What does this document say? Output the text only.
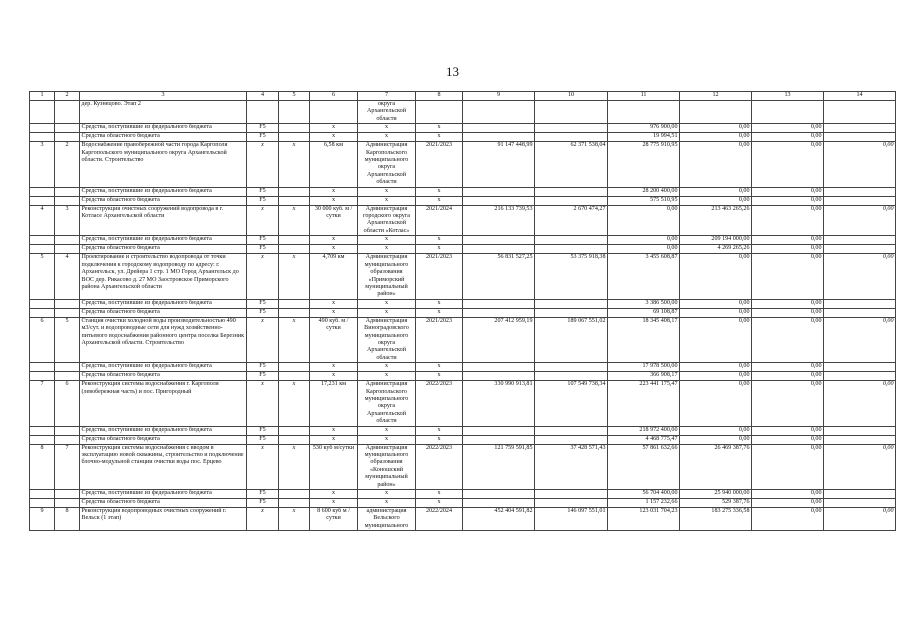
13
1	2	3	4	5	6	7	8	9	10	11	12	13	14
		дер. Кузнецово. Этап 2				округа Архангельской области							
		Средства, поступившие из федерального бюджета	F5		х	х	х			976 900,00	0,00	0,00	
		Средства областного бюджета	F5		х	х	х			19 994,51	0,00	0,00	
3	2	Водоснабжение правобережной части города Каргополя Каргопольского муниципального округа Архангельской области. Строительство	х	х	6,58 км	Администрация Каргопольского муниципального округа Архангельской области	2021/2023	91 147 448,99	62 371 538,04	28 775 910,95	0,00	0,00	0,00
		Средства, поступившие из федерального бюджета	F5		х	х	х			28 200 400,00	0,00	0,00	
		Средства областного бюджета	F5		х	х	х			575 510,95	0,00	0,00	
4	3	Реконструкция очистных сооружений водопровода в г. Котласе Архангельской области	х	х	30 000 куб. м / сутки	Администрация городского округа Архангельской области «Котлас»	2021/2024	216 133 739,53	2 670 474,27	0,00	213 463 265,26	0,00	0,00
		Средства, поступившие из федерального бюджета	F5		х	х	х			0,00	209 194 000,00	0,00	
		Средства областного бюджета	F5		х	х	х			0,00	4 269 265,26	0,00	
5	4	Проектирование и строительство водопровода от точки подключения к городскому водопроводу по адресу: г. Архангельск, ул. Дрейера 1 стр. 1 МО Город Архангельск до ВОС дер. Рикасово д. 27 МО Заостровское Приморского района Архангельской области	х	х	4,709 км	Администрация муниципального образования «Приморский муниципальный район»	2021/2023	56 831 527,25	53 375 918,38	3 455 608,87	0,00	0,00	0,00
		Средства, поступившие из федерального бюджета	F5		х	х	х			3 386 500,00	0,00	0,00	
		Средства областного бюджета	F5		х	х	х			69 108,87	0,00	0,00	
6	5	Станция очистки холодной воды производительностью 490 м3/сут. и водопроводные сети для нужд хозяйственно-питьевого водоснабжения районного центра поселка Березник Архангельской области. Строительство	х	х	490 куб. м / сутки	Администрация Виноградовского муниципального округа Архангельской области	2021/2023	207 412 959,19	189 067 551,02	18 345 408,17	0,00	0,00	0,00
		Средства, поступившие из федерального бюджета	F5		х	х	х			17 978 500,00	0,00	0,00	
		Средства областного бюджета	F5		х	х	х			366 908,17	0,00	0,00	
7	6	Реконструкция системы водоснабжения г. Каргополя (левобережная часть) и пос. Пригородный	х	х	17,231 км	Администрация Каргопольского муниципального округа Архангельской области	2022/2023	330 990 913,81	107 549 738,34	223 441 175,47	0,00	0,00	0,00
		Средства, поступившие из федерального бюджета	F5		х	х	х			218 972 400,00	0,00	0,00	
		Средства областного бюджета	F5		х	х	х			4 468 775,47	0,00	0,00	
8	7	Реконструкция системы водоснабжения с вводом в эксплуатацию новой скважины, строительство и подключение блочно-модульной станции очистки воды пос. Ерцево	х	х	530 куб м/сутки	Администрация муниципального образования «Коношский муниципальный район»	2022/2023	121 759 591,85	37 428 571,43	57 861 632,66	26 469 387,76	0,00	0,00
		Средства, поступившие из федерального бюджета	F5		х	х	х			56 704 400,00	25 940 000,00	0,00	
		Средства областного бюджета	F5		х	х	х			1 157 232,66	529 387,76	0,00	
9	8	Реконструкция водопроводных очистных сооружений г. Вельск (1 этап)	х	х	8 600 куб м / сутки	администрация Вельского муниципального	2022/2024	452 404 591,82	146 097 551,01	123 031 704,23	183 275 336,58	0,00	0,00
